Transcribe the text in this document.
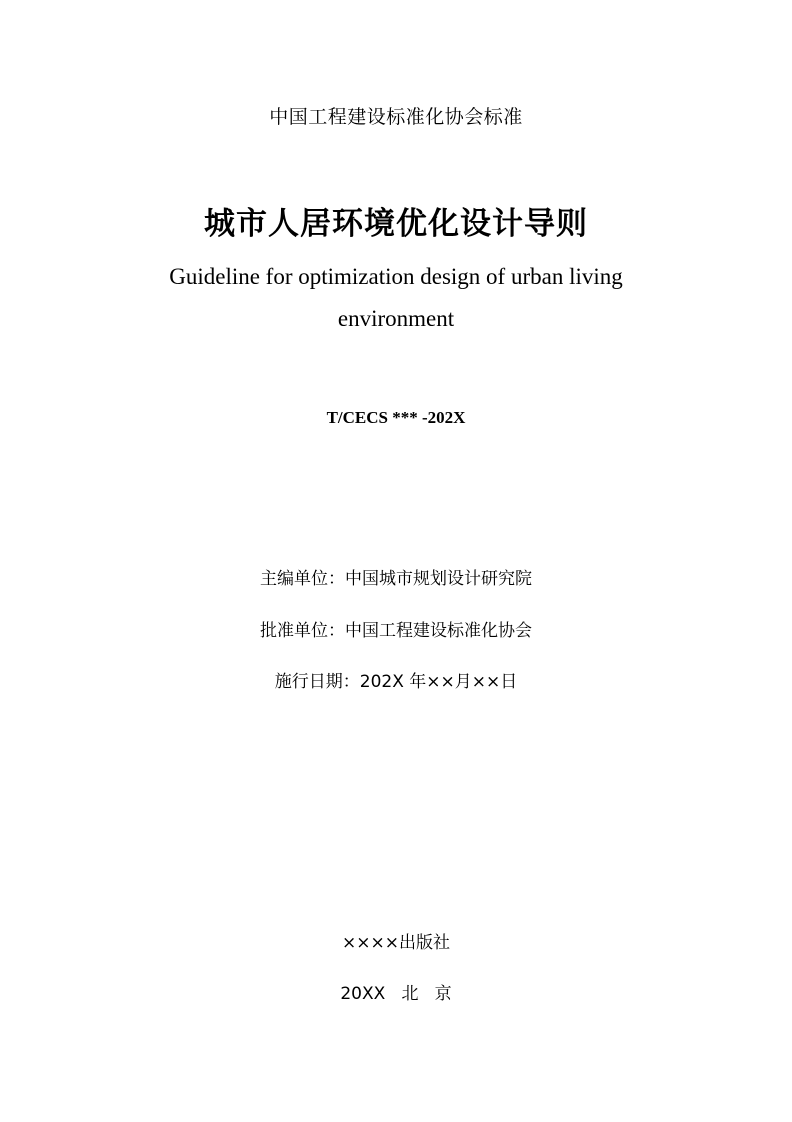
中国工程建设标准化协会标准
城市人居环境优化设计导则
Guideline for optimization design of urban living
environment
T/CECS *** -202X
主编单位：中国城市规划设计研究院
批准单位：中国工程建设标准化协会
施行日期：202X 年××月××日
××××出版社
20XX   北   京
